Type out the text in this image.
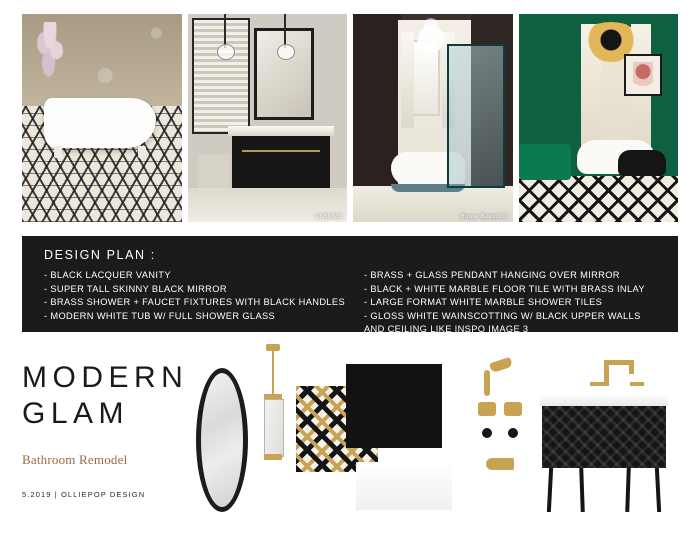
ATHOME	House Beautiful
DESIGN PLAN :
- BLACK LACQUER VANITY
- SUPER TALL SKINNY BLACK MIRROR
- BRASS SHOWER + FAUCET FIXTURES WITH BLACK HANDLES
- MODERN WHITE TUB W/ FULL SHOWER GLASS
- BRASS + GLASS PENDANT HANGING OVER MIRROR
- BLACK + WHITE MARBLE FLOOR TILE WITH BRASS INLAY
- LARGE FORMAT WHITE MARBLE SHOWER TILES
- GLOSS WHITE WAINSCOTTING W/ BLACK UPPER WALLS AND CEILING LIKE INSPO IMAGE 3
MODERN
GLAM
Bathroom Remodel
5.2019 | OLLIEPOP DESIGN
